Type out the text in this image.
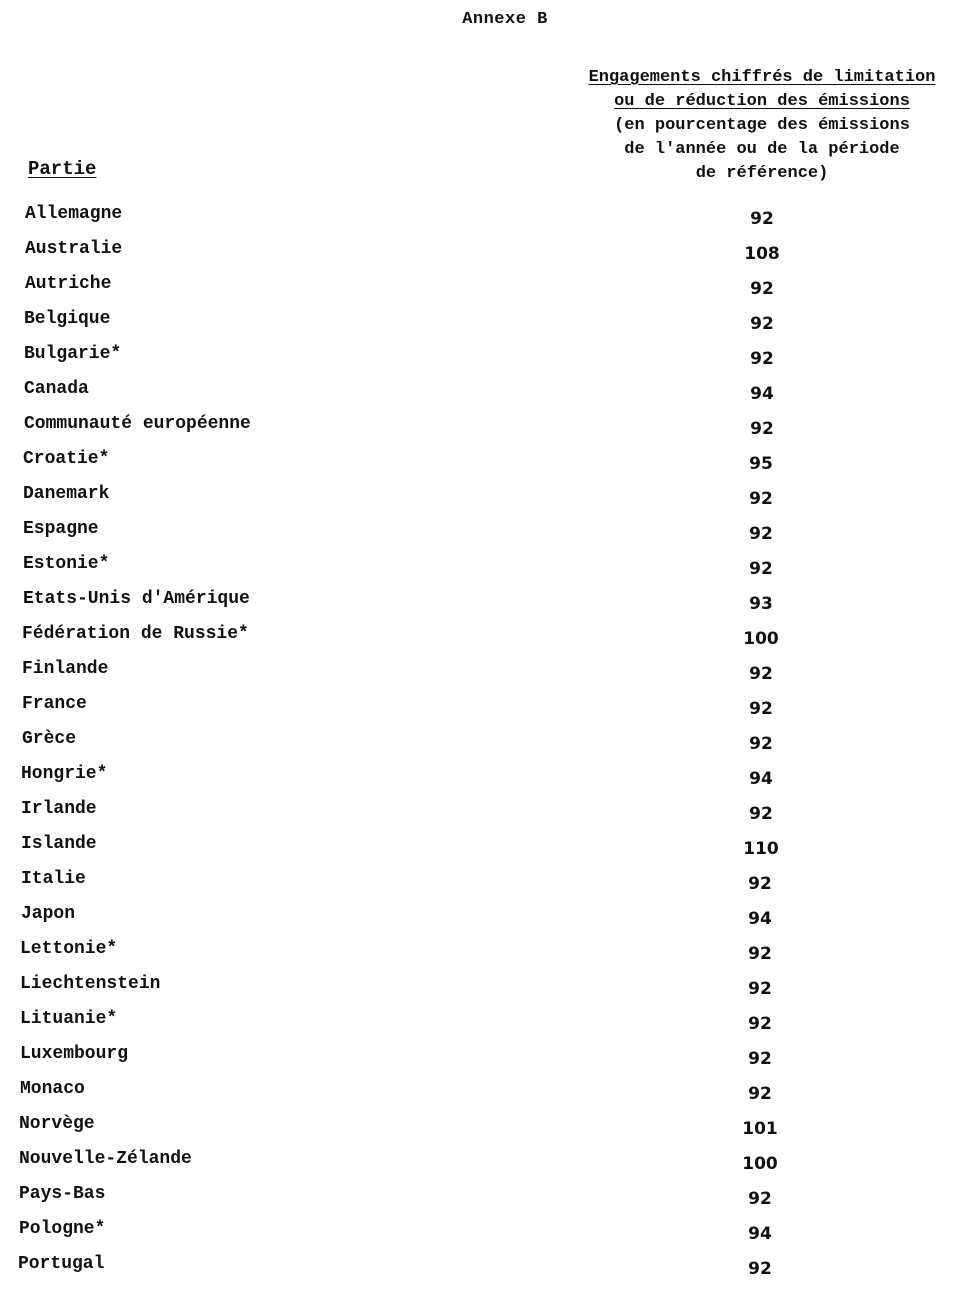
Annexe B
Partie
Engagements chiffrés de limitation
ou de réduction des émissions
(en pourcentage des émissions
de l'année ou de la période
de référence)
Allemagne	92
Australie	108
Autriche	92
Belgique	92
Bulgarie*	92
Canada	94
Communauté européenne	92
Croatie*	95
Danemark	92
Espagne	92
Estonie*	92
Etats-Unis d'Amérique	93
Fédération de Russie*	100
Finlande	92
France	92
Grèce	92
Hongrie*	94
Irlande	92
Islande	110
Italie	92
Japon	94
Lettonie*	92
Liechtenstein	92
Lituanie*	92
Luxembourg	92
Monaco	92
Norvège	101
Nouvelle-Zélande	100
Pays-Bas	92
Pologne*	94
Portugal	92
